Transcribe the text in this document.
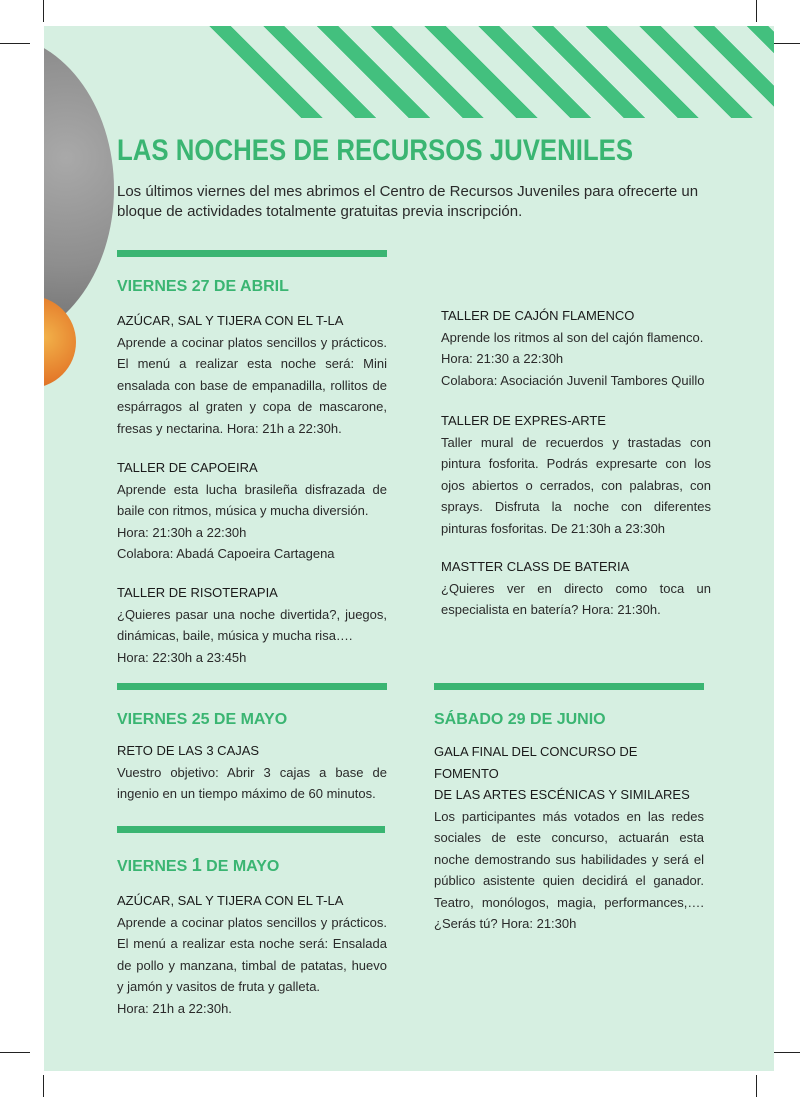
LAS NOCHES DE RECURSOS JUVENILES

Los últimos viernes del mes abrimos el Centro de Recursos Juveniles para ofrecerte un bloque de actividades totalmente gratuitas previa inscripción.

VIERNES 27 DE ABRIL
AZÚCAR, SAL Y TIJERA CON EL T-LA

Aprende a cocinar platos sencillos y prácticos. El menú a realizar esta noche será: Mini ensalada con base de empanadilla, rollitos de espárragos al graten y copa de mascarone, fresas y nectarina. Hora: 21h a 22:30h.

TALLER DE CAPOEIRA

Aprende esta lucha brasileña disfrazada de baile con ritmos, música y mucha diversión.

Hora: 21:30h a 22:30h

Colabora: Abadá Capoeira Cartagena

TALLER DE RISOTERAPIA

¿Quieres pasar una noche divertida?, juegos, dinámicas, baile, música y mucha risa….

Hora: 22:30h a 23:45h

TALLER DE CAJÓN FLAMENCO

Aprende los ritmos al son del cajón flamenco.

Hora: 21:30 a 22:30h

Colabora: Asociación Juvenil Tambores Quillo

TALLER DE EXPRES-ARTE

Taller mural de recuerdos y trastadas con pintura fosforita. Podrás expresarte con los ojos abiertos o cerrados, con palabras, con sprays. Disfruta la noche con diferentes pinturas fosforitas. De 21:30h a 23:30h

MASTTER CLASS DE BATERIA

¿Quieres ver en directo como toca un especialista en batería? Hora: 21:30h.

VIERNES 25 DE MAYO
RETO DE LAS 3 CAJAS

Vuestro objetivo: Abrir 3 cajas a base de ingenio en un tiempo máximo de 60 minutos.

VIERNES 1 DE MAYO
AZÚCAR, SAL Y TIJERA CON EL T-LA

Aprende a cocinar platos sencillos y prácticos. El menú a realizar esta noche será: Ensalada de pollo y manzana, timbal de patatas, huevo y jamón y vasitos de fruta y galleta.

Hora: 21h a 22:30h.

SÁBADO 29 DE JUNIO
GALA FINAL DEL CONCURSO DE FOMENTO
DE LAS ARTES ESCÉNICAS Y SIMILARES

Los participantes más votados en las redes sociales de este concurso, actuarán esta noche demostrando sus habilidades y será el público asistente quien decidirá el ganador. Teatro, monólogos, magia, performances,…. ¿Serás tú? Hora: 21:30h
